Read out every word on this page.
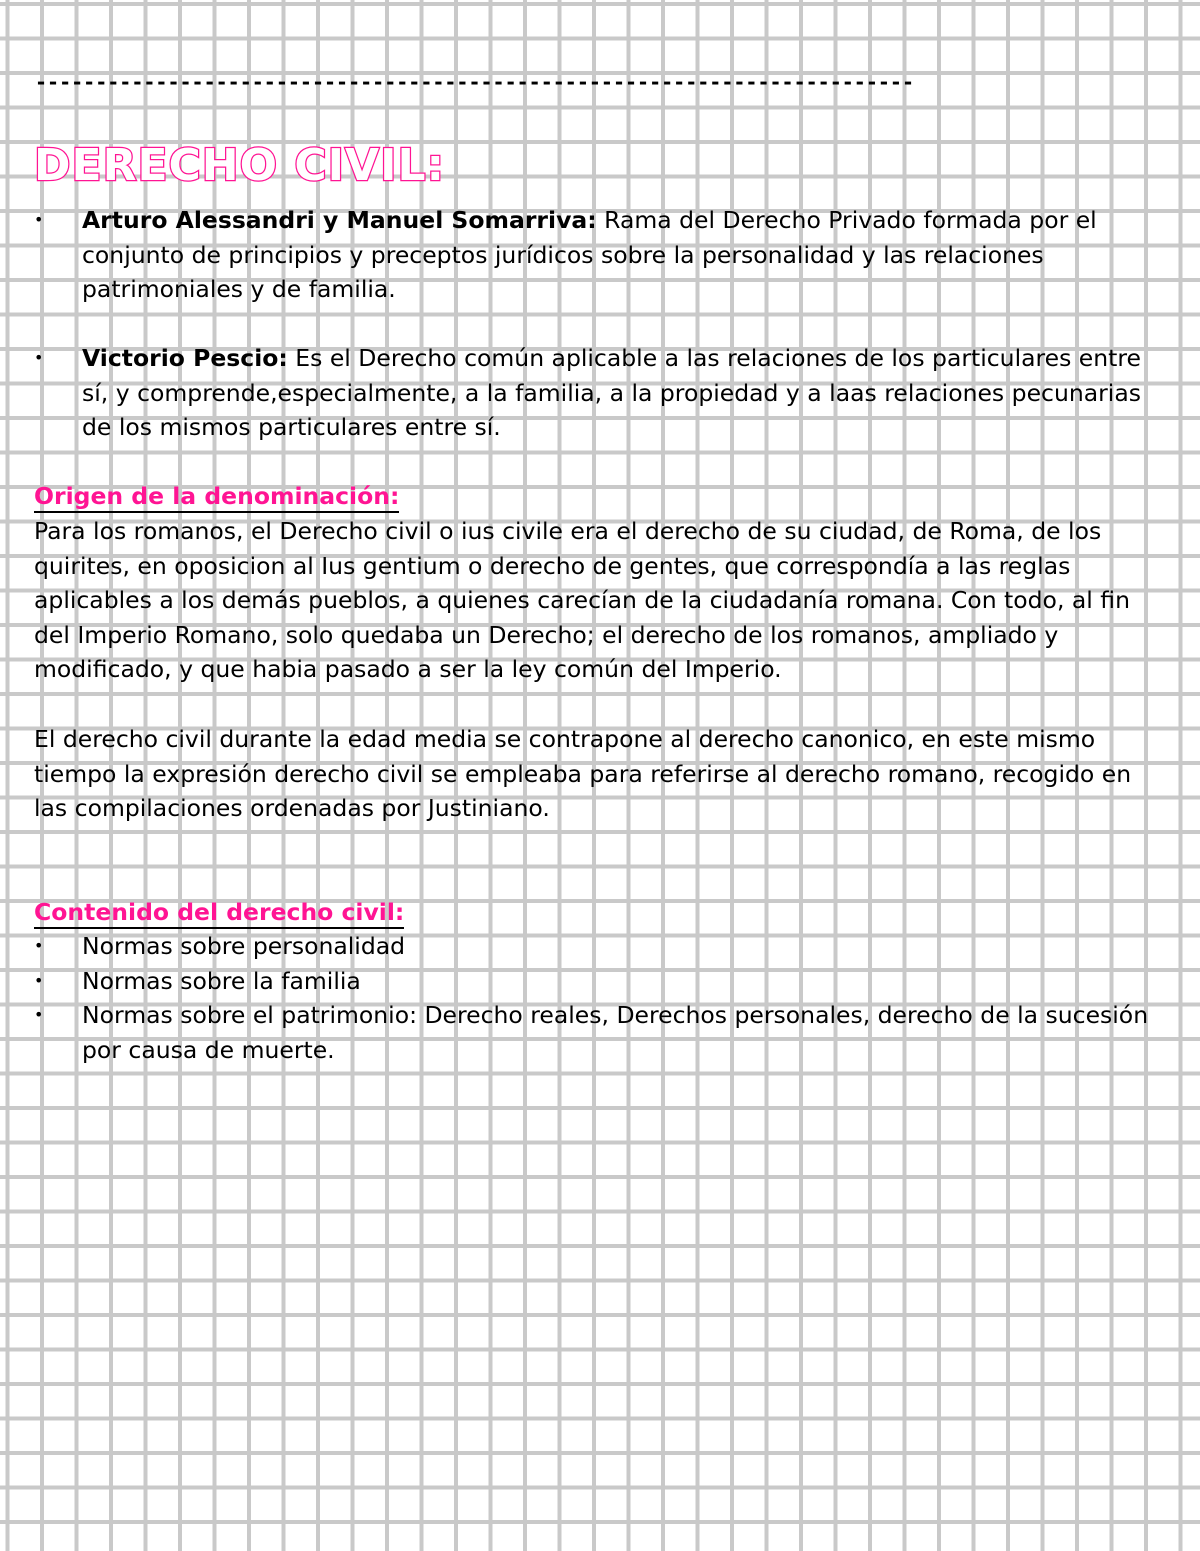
-------------------------------------------------------------------------
DERECHO CIVIL:
• Arturo Alessandri y Manuel Somarriva: Rama del Derecho Privado formada por el conjunto de principios y preceptos jurídicos sobre la personalidad y las relaciones patrimoniales y de familia.
• Victorio Pescio: Es el Derecho común aplicable a las relaciones de los particulares entre sí, y comprende,especialmente, a la familia, a la propiedad y a laas relaciones pecunarias de los mismos particulares entre sí.
Origen de la denominación:

Para los romanos, el Derecho civil o ius civile era el derecho de su ciudad, de Roma, de los quirites, en oposicion al Ius gentium o derecho de gentes, que correspondía a las reglas aplicables a los demás pueblos, a quienes carecían de la ciudadanía romana. Con todo, al fin del Imperio Romano, solo quedaba un Derecho; el derecho de los romanos, ampliado y modificado, y que habia pasado a ser la ley común del Imperio.

El derecho civil durante la edad media se contrapone al derecho canonico, en este mismo tiempo la expresión derecho civil se empleaba para referirse al derecho romano, recogido en las compilaciones ordenadas por Justiniano.

Contenido del derecho civil:
• Normas sobre personalidad
• Normas sobre la familia
• Normas sobre el patrimonio: Derecho reales, Derechos personales, derecho de la sucesión por causa de muerte.
